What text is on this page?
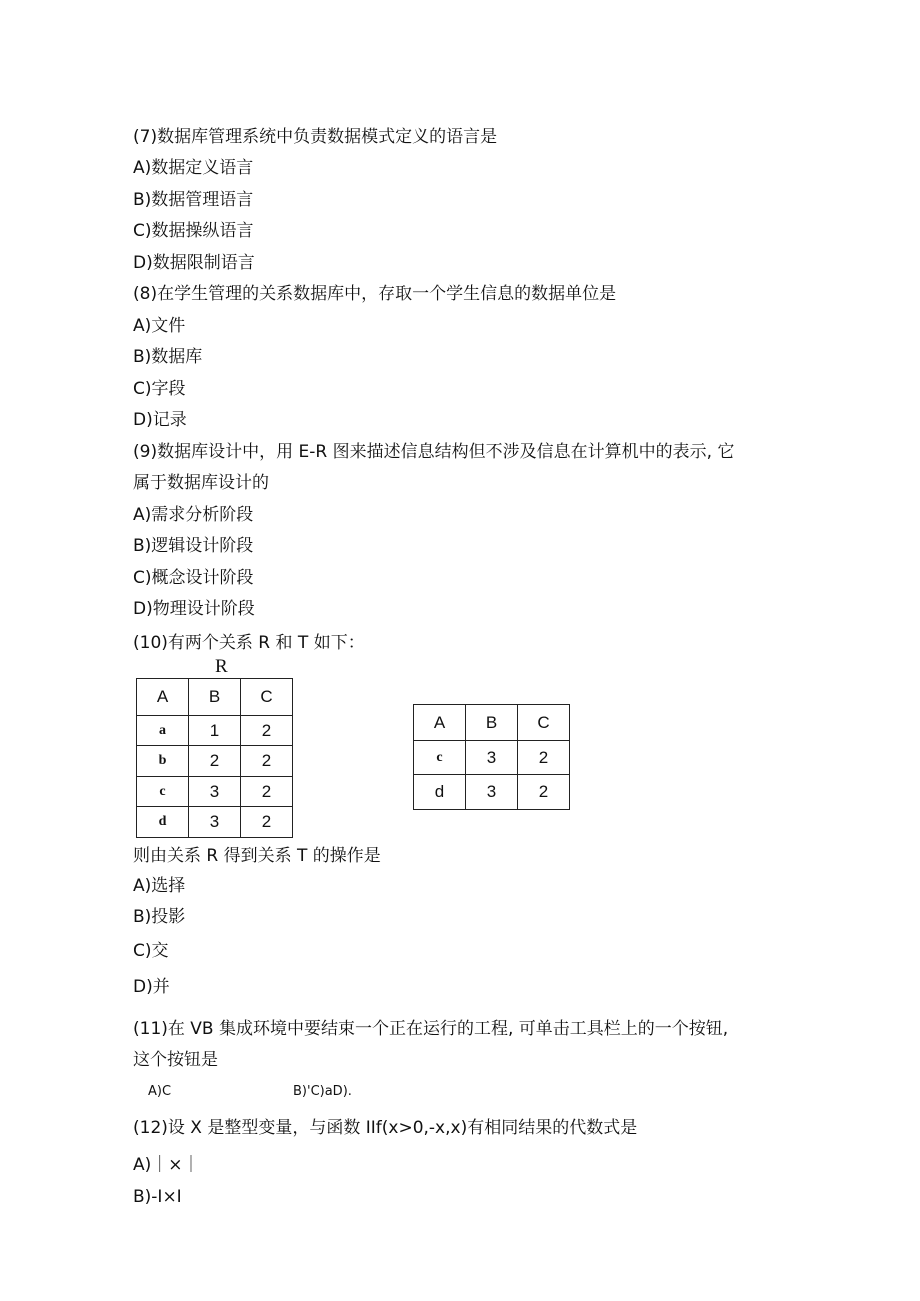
(7)数据库管理系统中负责数据模式定义的语言是
A)数据定义语言
B)数据管理语言
C)数据操纵语言
D)数据限制语言
(8)在学生管理的关系数据库中，存取一个学生信息的数据单位是
A)文件
B)数据库
C)字段
D)记录
(9)数据库设计中，用 E-R 图来描述信息结构但不涉及信息在计算机中的表示, 它
属于数据库设计的
A)需求分析阶段
B)逻辑设计阶段
C)概念设计阶段
D)物理设计阶段
(10)有两个关系 R 和 T 如下：
R
A	B	C
a	1	2
b	2	2
c	3	2
d	3	2
A	B	C
c	3	2
d	3	2
则由关系 R 得到关系 T 的操作是
A)选择
B)投影
C)交
D)并
(11)在 VB 集成环境中要结束一个正在运行的工程, 可单击工具栏上的一个按钮,
这个按钮是
A)C	B)'C)aD).
(12)设 X 是整型变量，与函数 IIf(x>0,-x,x)有相同结果的代数式是
A)｜×｜
B)-I×I
